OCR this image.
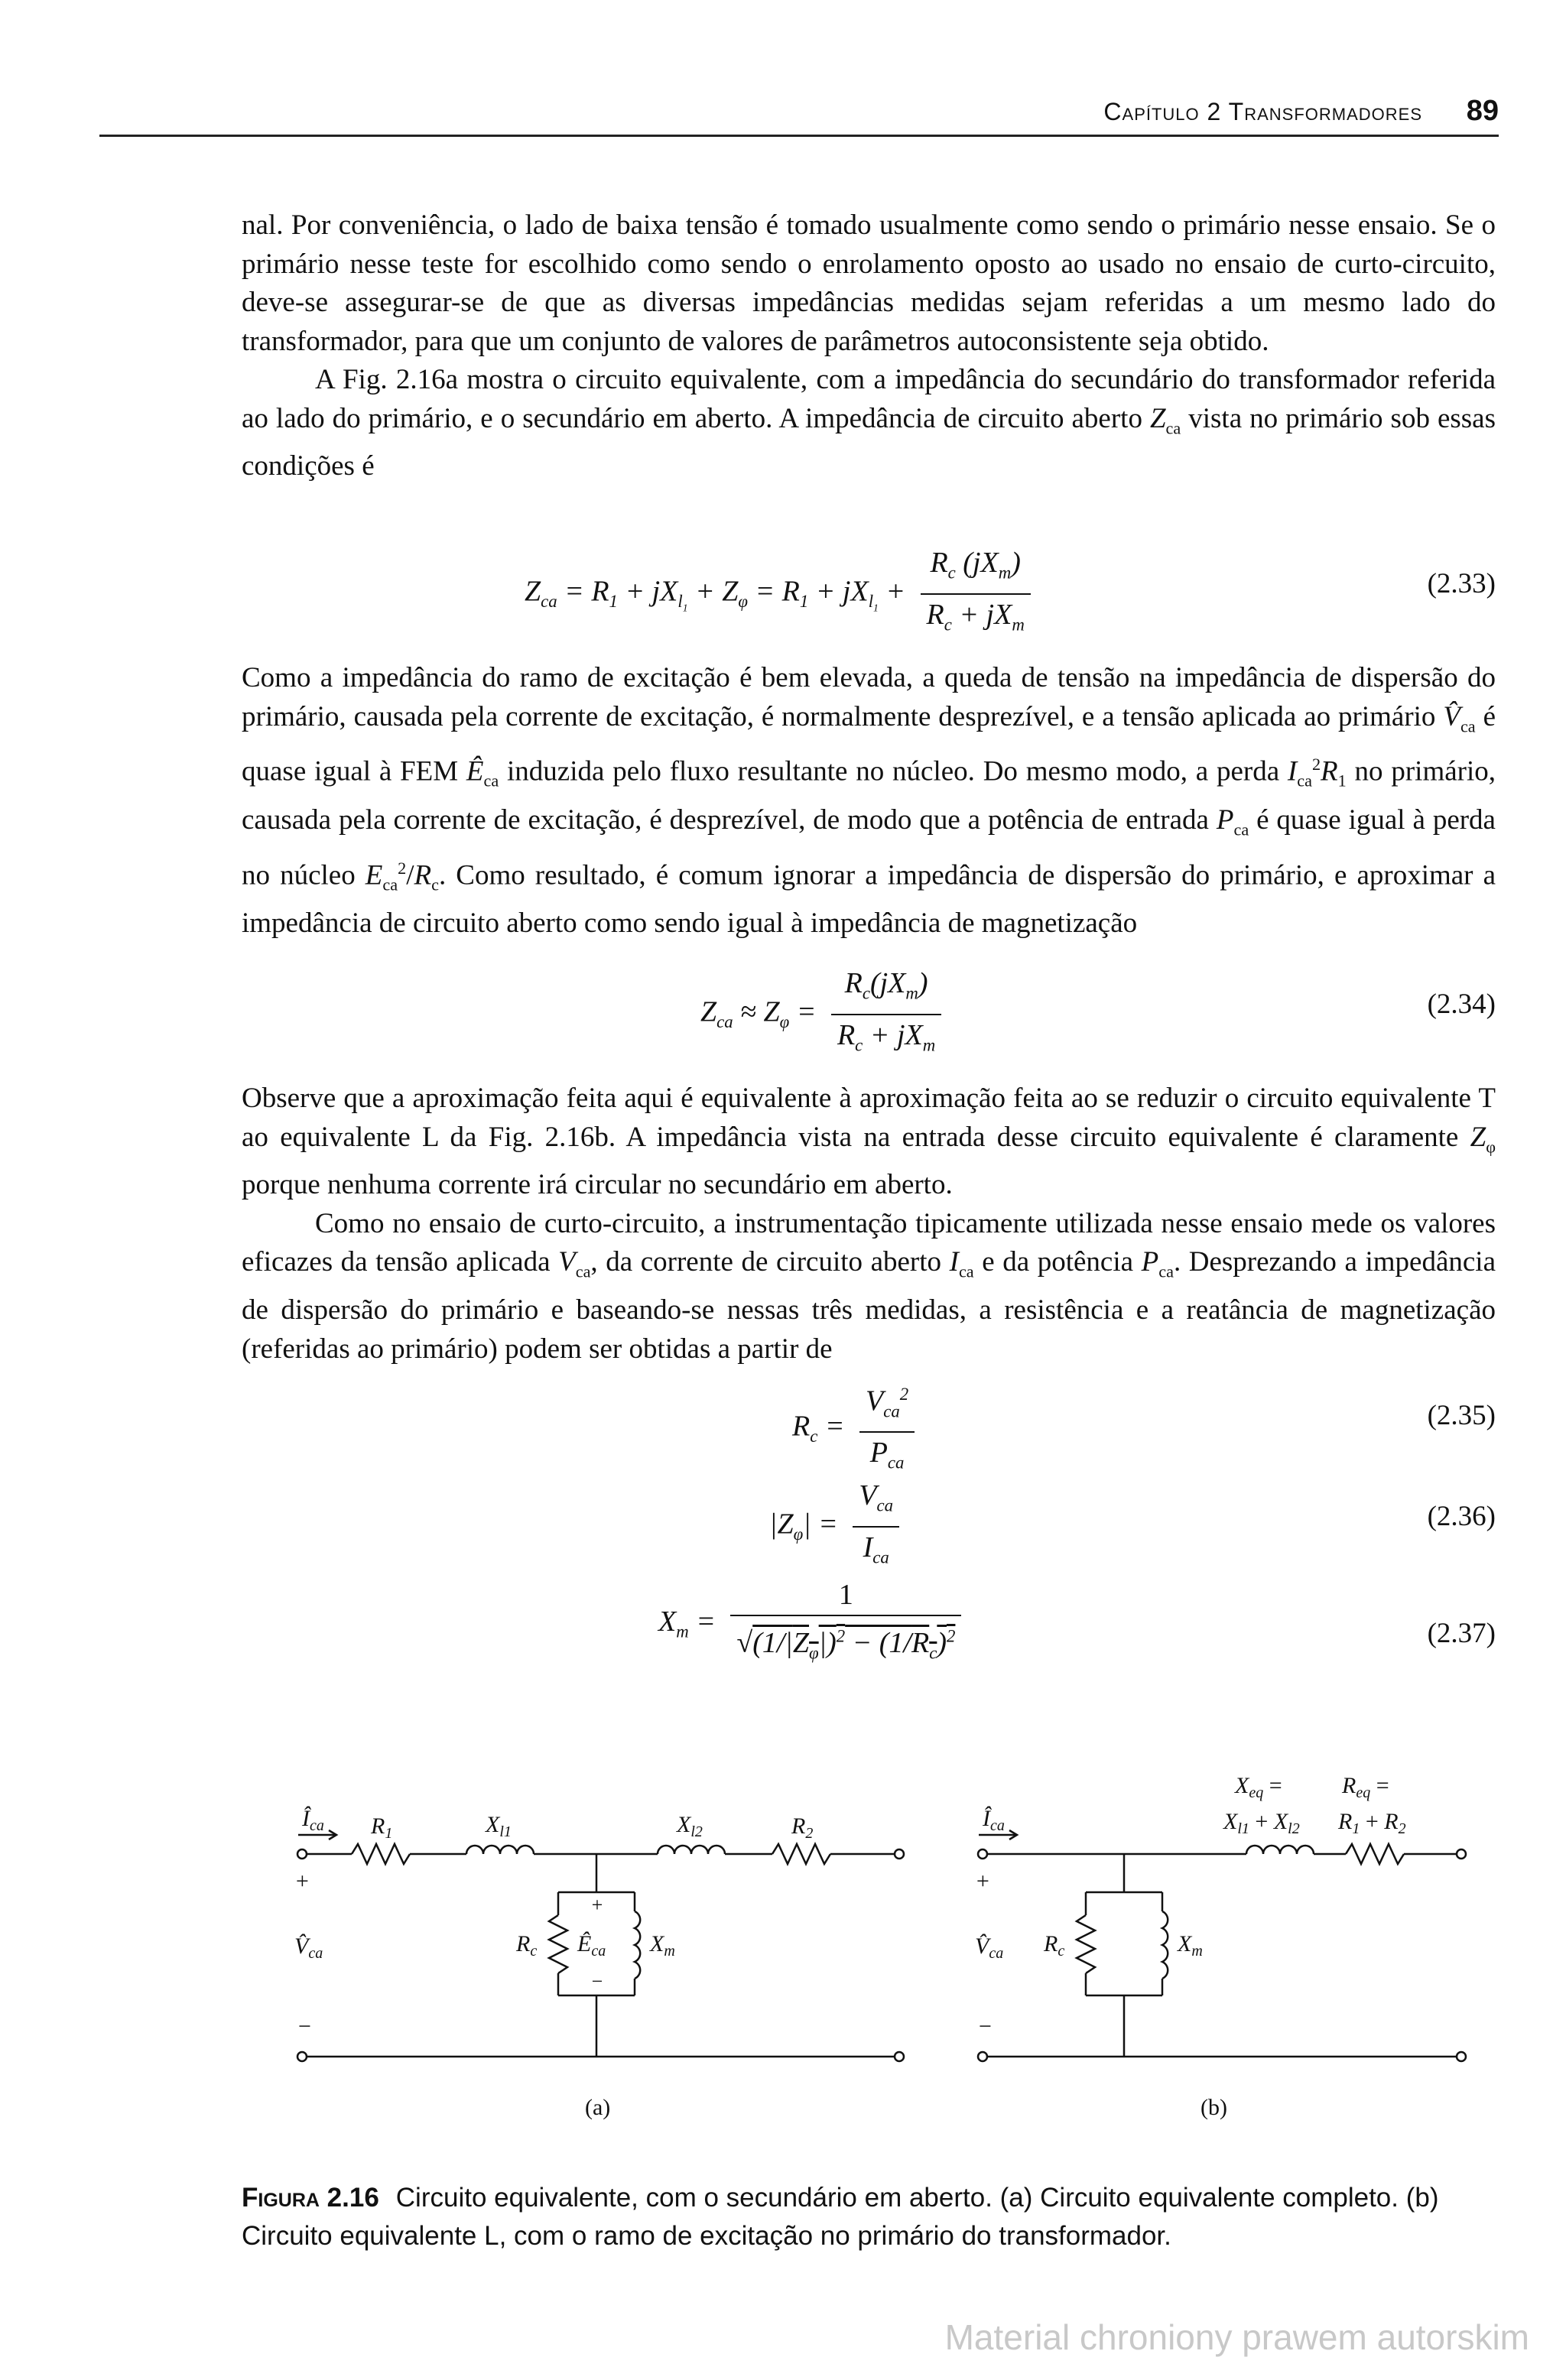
Capítulo 2 Transformadores 89

nal. Por conveniência, o lado de baixa tensão é tomado usualmente como sendo o primário nesse ensaio. Se o primário nesse teste for escolhido como sendo o enrolamento oposto ao usado no ensaio de curto-circuito, deve-se assegurar-se de que as diversas impedâncias medidas sejam referidas a um mesmo lado do transformador, para que um conjunto de valores de parâmetros autoconsistente seja obtido.

A Fig. 2.16a mostra o circuito equivalente, com a impedância do secundário do transformador referida ao lado do primário, e o secundário em aberto. A impedância de circuito aberto $Z_{ca}$ vista no primário sob essas condições é

$Z_{ca} = R_1 + jX_{l_1} + Z_\varphi = R_1 + jX_{l_1} + \frac{R_c (jX_m)}{R_c + jX_m}$	(2.33)

Como a impedância do ramo de excitação é bem elevada, a queda de tensão na impedância de dispersão do primário, causada pela corrente de excitação, é normalmente desprezível, e a tensão aplicada ao primário $V̂_{ca}$ é quase igual à FEM $Ê_{ca}$ induzida pelo fluxo resultante no núcleo. Do mesmo modo, a perda $I_{ca}^2R_1$ no primário, causada pela corrente de excitação, é desprezível, de modo que a potência de entrada $P_{ca}$ é quase igual à perda no núcleo $E_{ca}^2/R_c$. Como resultado, é comum ignorar a impedância de dispersão do primário, e aproximar a impedância de circuito aberto como sendo igual à impedância de magnetização

$Z_{ca} \approx Z_\varphi = \frac{R_c(jX_m)}{R_c + jX_m}$	(2.34)

Observe que a aproximação feita aqui é equivalente à aproximação feita ao se reduzir o circuito equivalente T ao equivalente L da Fig. 2.16b. A impedância vista na entrada desse circuito equivalente é claramente $Z_\varphi$ porque nenhuma corrente irá circular no secundário em aberto.

Como no ensaio de curto-circuito, a instrumentação tipicamente utilizada nesse ensaio mede os valores eficazes da tensão aplicada $V_{ca}$, da corrente de circuito aberto $I_{ca}$ e da potência $P_{ca}$. Desprezando a impedância de dispersão do primário e baseando-se nessas três medidas, a resistência e a reatância de magnetização (referidas ao primário) podem ser obtidas a partir de

$R_c = \frac{V_{ca}^2}{P_{ca}}$	(2.35)
$|Z_\varphi| = \frac{V_{ca}}{I_{ca}}$	(2.36)
$X_m = \frac{1}{√(1/|Z_\varphi|)^2 - (1/R_c)^2}$	(2.37)
$Î_{ca}$ $R_1$	$X_{l1}$	$X_{l2}$	$R_2$
+
$V̂_{ca}$
−
$R_c$ $Ê_{ca}$
+
−
$X_m$
$Î_{ca}$
$X_{eq}$ =
$X_{l1} + X_{l2}$
$R_{eq}$ =
$R_1 + R_2$
+
$V̂_{ca}$
−
$R_c$	$X_m$
(a)	(b)
Figura 2.16 Circuito equivalente, com o secundário em aberto. (a) Circuito equivalente completo. (b) Circuito equivalente L, com o ramo de excitação no primário do transformador.
Material chroniony prawem autorskim
